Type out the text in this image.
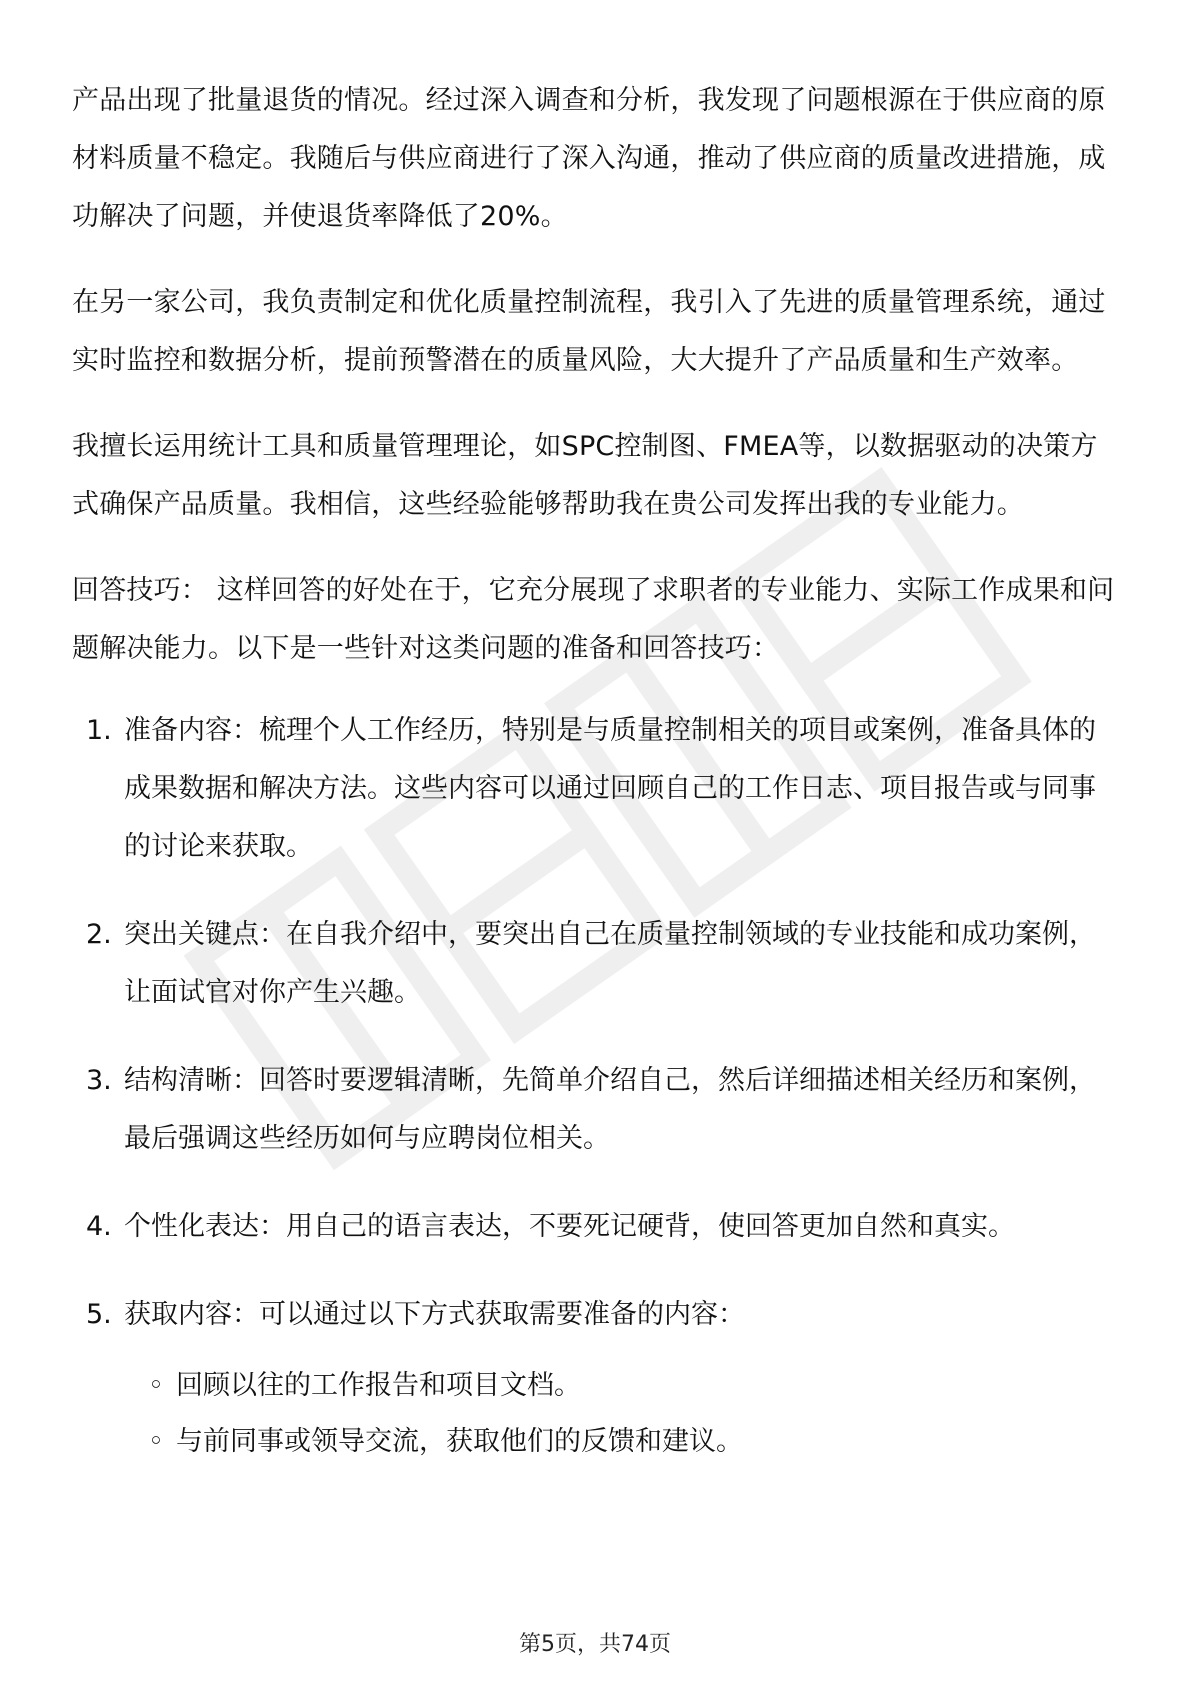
产品出现了批量退货的情况。经过深入调查和分析，我发现了问题根源在于供应商的原材料质量不稳定。我随后与供应商进行了深入沟通，推动了供应商的质量改进措施，成功解决了问题，并使退货率降低了20%。

在另一家公司，我负责制定和优化质量控制流程，我引入了先进的质量管理系统，通过实时监控和数据分析，提前预警潜在的质量风险，大大提升了产品质量和生产效率。

我擅长运用统计工具和质量管理理论，如SPC控制图、FMEA等，以数据驱动的决策方式确保产品质量。我相信，这些经验能够帮助我在贵公司发挥出我的专业能力。

回答技巧： 这样回答的好处在于，它充分展现了求职者的专业能力、实际工作成果和问题解决能力。以下是一些针对这类问题的准备和回答技巧：

1. 准备内容：梳理个人工作经历，特别是与质量控制相关的项目或案例，准备具体的成果数据和解决方法。这些内容可以通过回顾自己的工作日志、项目报告或与同事的讨论来获取。
2. 突出关键点：在自我介绍中，要突出自己在质量控制领域的专业技能和成功案例，让面试官对你产生兴趣。
3. 结构清晰：回答时要逻辑清晰，先简单介绍自己，然后详细描述相关经历和案例，最后强调这些经历如何与应聘岗位相关。
4. 个性化表达：用自己的语言表达，不要死记硬背，使回答更加自然和真实。
5. 获取内容：可以通过以下方式获取需要准备的内容：
◦ 回顾以往的工作报告和项目文档。
◦ 与前同事或领导交流，获取他们的反馈和建议。
第5页，共74页
